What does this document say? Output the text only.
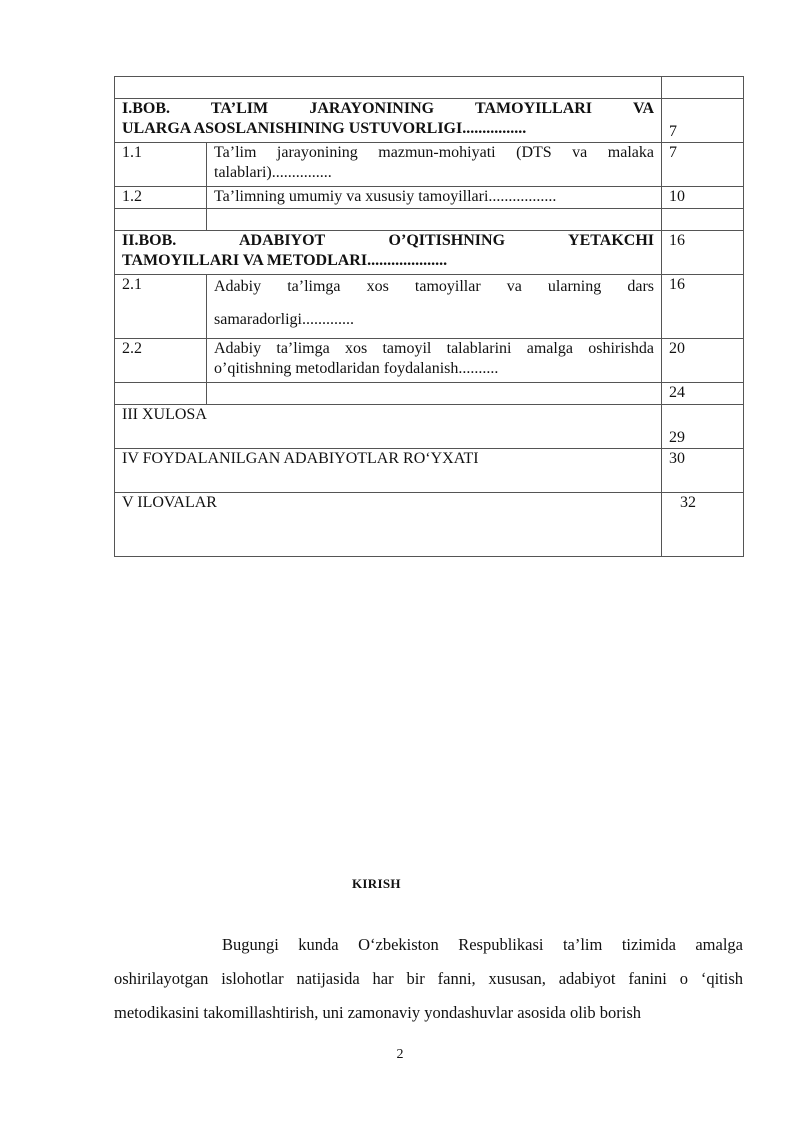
I.BOB. TA’LIM JARAYONINING TAMOYILLARI VA
ULARGA ASOSLANISHINING USTUVORLIGI................		7
1.1	Ta’lim jarayonining mazmun-mohiyati (DTS va malaka
talablari)...............	7
1.2	Ta’limning umumiy va xususiy tamoyillari.................	10

II.BOB. ADABIYOT O’QITISHNING YETAKCHI
TAMOYILLARI VA METODLARI....................		16
2.1	Adabiy ta’limga xos tamoyillar va ularning dars
samaradorligi.............	16
2.2	Adabiy ta’limga xos tamoyil talablarini amalga oshirishda
o’qitishning metodlaridan foydalanish..........	20
		24
III XULOSA		29
IV FOYDALANILGAN ADABIYOTLAR RO‘YXATI		30
V ILOVALAR		32
KIRISH

Bugungi kunda O‘zbekiston Respublikasi ta’lim tizimida amalga oshirilayotgan islohotlar natijasida har bir fanni, xususan, adabiyot fanini o ‘qitish metodikasini takomillashtirish, uni zamonaviy yondashuvlar asosida olib borish

2
